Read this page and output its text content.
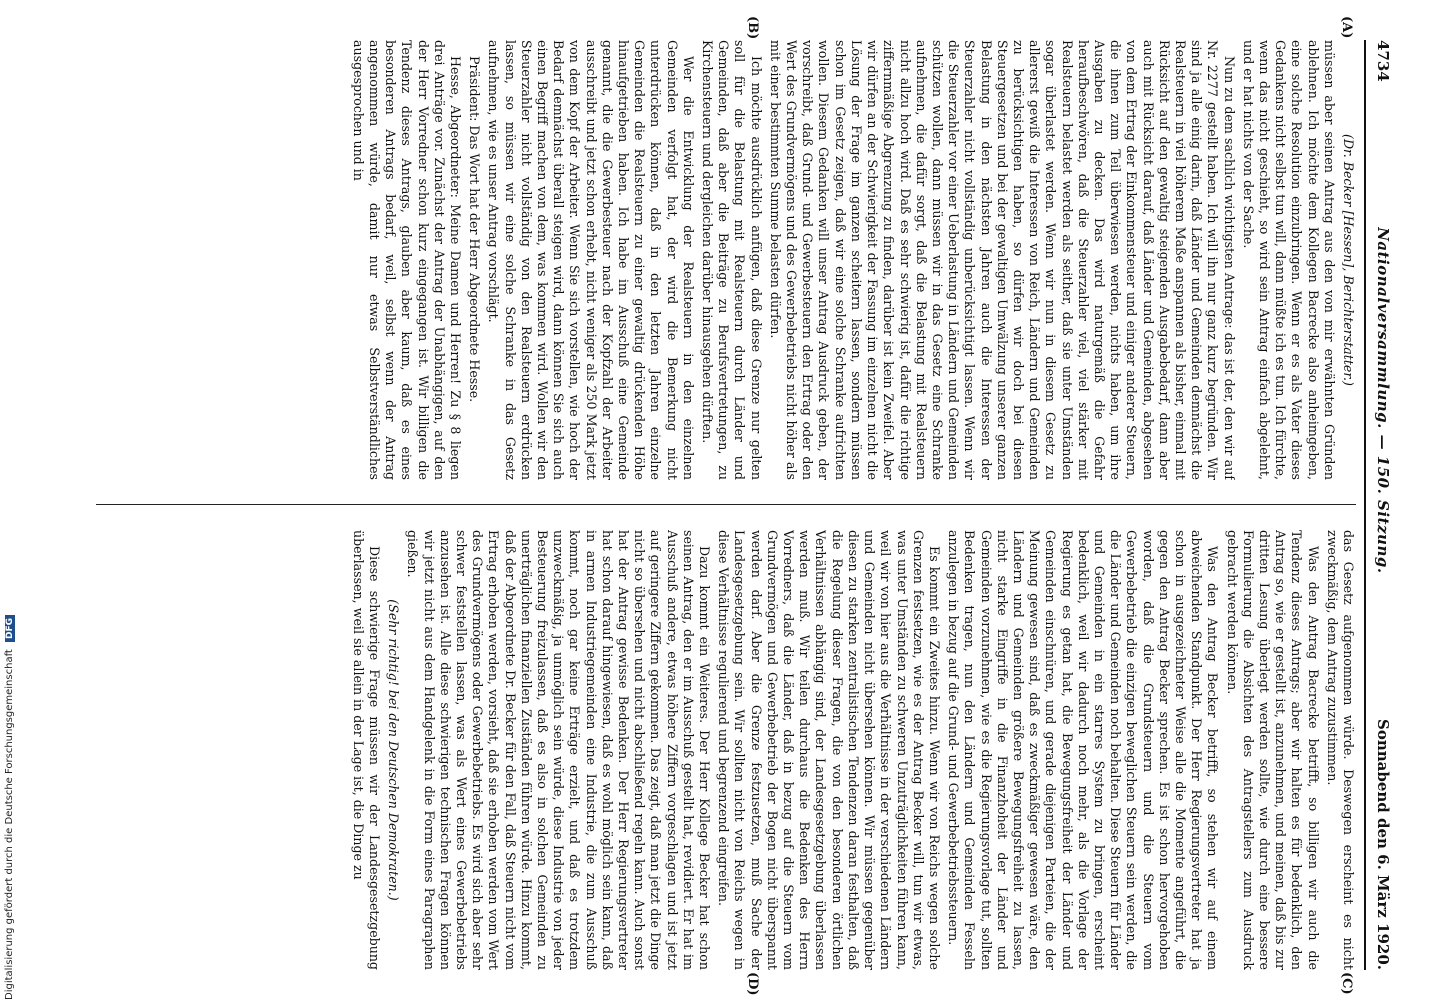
4734
Nationalversammlung. — 150. Sitzung.
Sonnabend den 6. März 1920.
(A)
(B)
(C)
(D)

(Dr. Becker [Hessen], Berichterstatter.)

müssen aber seinen Antrag aus den von mir erwähnten Gründen ablehnen. Ich möchte dem Kollegen Bacrecke also anheimgeben, eine solche Resolution einzubringen. Wenn er es als Vater dieses Gedankens nicht selbst tun will, dann müßte ich es tun. Ich fürchte, wenn das nicht geschieht, so wird sein Antrag einfach abgelehnt, und er hat nichts von der Sache.

Nun zu dem sachlich wichtigsten Antrage: das ist der, den wir auf Nr. 2277 gestellt haben. Ich will ihn nur ganz kurz begründen. Wir sind ja alle einig darin, daß Länder und Gemeinden demnächst die Realsteuern in viel höherem Maße anspannen als bisher, einmal mit Rücksicht auf den gewaltig steigenden Ausgabebedarf, dann aber auch mit Rücksicht darauf, daß Länder und Gemeinden, abgesehen von dem Ertrag der Einkommensteuer und einiger anderer Steuern, die ihnen zum Teil überwiesen werden, nichts haben, um ihre Ausgaben zu decken. Das wird naturgemäß die Gefahr heraufbeschwören, daß die Steuerzahler viel, viel stärker mit Realsteuern belastet werden als seither, daß sie unter Umständen sogar überlastet werden. Wenn wir nun in diesem Gesetz zu allererst gewiß die Interessen von Reich, Ländern und Gemeinden zu berücksichtigen haben, so dürfen wir doch bei diesen Steuergesetzen und bei der gewaltigen Umwälzung unserer ganzen Belastung in den nächsten Jahren auch die Interessen der Steuerzahler nicht vollständig unberücksichtigt lassen. Wenn wir die Steuerzahler vor einer Ueberlastung in Ländern und Gemeinden schützen wollen, dann müssen wir in das Gesetz eine Schranke aufnehmen, die dafür sorgt, daß die Belastung mit Realsteuern nicht allzu hoch wird. Daß es sehr schwierig ist, dafür die richtige ziffernmäßige Abgrenzung zu finden, darüber ist kein Zweifel. Aber wir dürfen an der Schwierigkeit der Fassung im einzelnen nicht die Lösung der Frage im ganzen scheitern lassen, sondern müssen schon im Gesetz zeigen, daß wir eine solche Schranke aufrichten wollen. Diesem Gedanken will unser Antrag Ausdruck geben, der vorschreibt, daß Grund- und Gewerbesteuern den Ertrag oder den Wert des Grundvermögens und des Gewerbebetriebs nicht höher als mit einer bestimmten Summe belasten dürfen.

Ich möchte ausdrücklich anfügen, daß diese Grenze nur gelten soll für die Belastung mit Realsteuern durch Länder und Gemeinden, daß aber die Beiträge zu Berufsvertretungen, zu Kirchensteuern und dergleichen darüber hinausgehen dürften.

Wer die Entwicklung der Realsteuern in den einzelnen Gemeinden verfolgt hat, der wird die Bemerkung nicht unterdrücken können, daß in den letzten Jahren einzelne Gemeinden die Realsteuern zu einer gewaltig drückenden Höhe hinaufgetrieben haben. Ich habe im Ausschuß eine Gemeinde genannt, die die Gewerbesteuer nach der Kopfzahl der Arbeiter ausschreibt und jetzt schon erhebt, nicht weniger als 250 Mark jetzt von dem Kopf der Arbeiter. Wenn Sie sich vorstellen, wie hoch der Bedarf demnächst überall steigen wird, dann können Sie sich auch einen Begriff machen von dem, was kommen wird. Wollen wir den Steuerzahler nicht vollständig von den Realsteuern erdrücken lassen, so müssen wir eine solche Schranke in das Gesetz aufnehmen, wie es unser Antrag vorschlägt.

Präsident: Das Wort hat der Herr Abgeordnete Hesse.

Hesse, Abgeordneter: Meine Damen und Herren! Zu § 8 liegen drei Anträge vor. Zunächst der Antrag der Unabhängigen, auf den der Herr Vorredner schon kurz eingegangen ist. Wir billigen die Tendenz dieses Antrags, glauben aber kaum, daß es eines besonderen Antrags bedarf, weil, selbst wenn der Antrag angenommen würde, damit nur etwas Selbstverständliches ausgesprochen und in

das Gesetz aufgenommen würde. Deswegen erscheint es nicht zweckmäßig, dem Antrag zuzustimmen.

Was den Antrag Bacrecke betrifft, so billigen wir auch die Tendenz dieses Antrags; aber wir halten es für bedenklich, den Antrag so, wie er gestellt ist, anzunehmen, und meinen, daß bis zur dritten Lesung überlegt werden sollte, wie durch eine bessere Formulierung die Absichten des Antragstellers zum Ausdruck gebracht werden können.

Was den Antrag Becker betrifft, so stehen wir auf einem abweichenden Standpunkt. Der Herr Regierungsvertreter hat ja schon in ausgezeichneter Weise alle die Momente angeführt, die gegen den Antrag Becker sprechen. Es ist schon hervorgehoben worden, daß die Grundsteuern und die Steuern vom Gewerbebetrieb die einzigen beweglichen Steuern sein werden, die die Länder und Gemeinden noch behalten. Diese Steuern für Länder und Gemeinden in ein starres System zu bringen, erscheint bedenklich, weil wir dadurch noch mehr, als die Vorlage der Regierung es getan hat, die Bewegungsfreiheit der Länder und Gemeinden einschnüren, und gerade diejenigen Parteien, die der Meinung gewesen sind, daß es zweckmäßiger gewesen wäre, den Ländern und Gemeinden größere Bewegungsfreiheit zu lassen, nicht starke Eingriffe in die Finanzhoheit der Länder und Gemeinden vorzunehmen, wie es die Regierungsvorlage tut, sollten Bedenken tragen, nun den Ländern und Gemeinden Fesseln anzulegen in bezug auf die Grund- und Gewerbebetriebssteuern.

Es kommt ein Zweites hinzu. Wenn wir von Reichs wegen solche Grenzen festsetzen, wie es der Antrag Becker will, tun wir etwas, was unter Umständen zu schweren Unzuträglichkeiten führen kann, weil wir von hier aus die Verhältnisse in der verschiedenen Ländern und Gemeinden nicht übersehen können. Wir müssen gegenüber diesen zu starken zentralistischen Tendenzen daran festhalten, daß die Regelung dieser Fragen, die von den besonderen örtlichen Verhältnissen abhängig sind, der Landesgesetzgebung überlassen werden muß. Wir teilen durchaus die Bedenken des Herrn Vorredners, daß die Länder, daß in bezug auf die Steuern vom Grundvermögen und Gewerbebetrieb der Bogen nicht überspannt werden darf. Aber die Grenze festzusetzen, muß Sache der Landesgesetzgebung sein. Wir sollten nicht von Reichs wegen in diese Verhältnisse regulierend und begrenzend eingreifen.

Dazu kommt ein Weiteres. Der Herr Kollege Becker hat schon seinen Antrag, den er im Ausschuß gestellt hat, revidiert. Er hat im Ausschuß andere, etwas höhere Ziffern vorgeschlagen und ist jetzt auf geringere Ziffern gekommen. Das zeigt, daß man jetzt die Dinge nicht so übersehen und nicht abschließend regeln kann. Auch sonst hat der Antrag gewisse Bedenken. Der Herr Regierungsvertreter hat schon darauf hingewiesen, daß es wohl möglich sein kann, daß in armen Industriegemeinden eine Industrie, die zum Ausschuß kommt, noch gar keine Erträge erzielt, und daß es trotzdem unzweckmäßig, ja unmöglich sein würde, diese Industrie von jeder Besteuerung freizulassen, daß es also in solchen Gemeinden zu unerträglichen finanziellen Zuständen führen würde. Hinzu kommt, daß der Abgeordnete Dr. Becker für den Fall, daß Steuern nicht vom Ertrag erhoben werden, vorsieht, daß sie erhoben werden vom Wert des Grundvermögens oder Gewerbebetriebs. Es wird sich aber sehr schwer feststellen lassen, was als Wert eines Gewerbebetriebs anzusehen ist. Alle diese schwierigen technischen Fragen können wir jetzt nicht aus dem Handgelenk in die Form eines Paragraphen gießen.

(Sehr richtig! bei den Deutschen Demokraten.)

Diese schwierige Frage müssen wir der Landesgesetzgebung überlassen, weil sie allein in der Lage ist, die Dinge zu

Digitalisierung gefördert durch die Deutsche Forschungsgemeinschaft DFG
